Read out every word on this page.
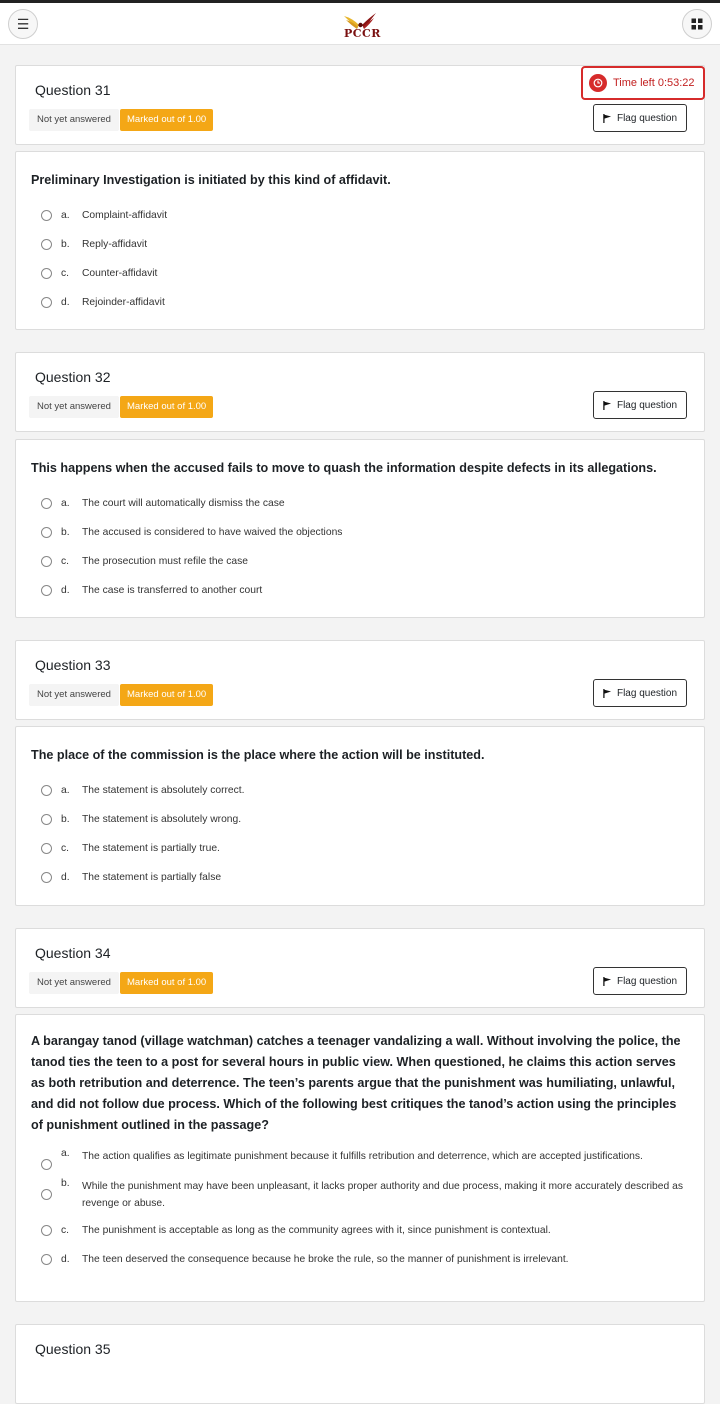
☰
PCCR
Question 31
Not yet answered	Marked out of 1.00	Flag question
Time left 0:53:22
Preliminary Investigation is initiated by this kind of affidavit.
a.	Complaint-affidavit
b.	Reply-affidavit
c.	Counter-affidavit
d.	Rejoinder-affidavit
Question 32
Not yet answered	Marked out of 1.00	Flag question
This happens when the accused fails to move to quash the information despite defects in its allegations.
a.	The court will automatically dismiss the case
b.	The accused is considered to have waived the objections
c.	The prosecution must refile the case
d.	The case is transferred to another court
Question 33
Not yet answered	Marked out of 1.00	Flag question
The place of the commission is the place where the action will be instituted.
a.	The statement is absolutely correct.
b.	The statement is absolutely wrong.
c.	The statement is partially true.
d.	The statement is partially false
Question 34
Not yet answered	Marked out of 1.00	Flag question
A barangay tanod (village watchman) catches a teenager vandalizing a wall. Without involving the police, the tanod ties the teen to a post for several hours in public view. When questioned, he claims this action serves as both retribution and deterrence. The teen’s parents argue that the punishment was humiliating, unlawful, and did not follow due process. Which of the following best critiques the tanod’s action using the principles of punishment outlined in the passage?
a.	The action qualifies as legitimate punishment because it fulfills retribution and deterrence, which are accepted justifications.
b.	While the punishment may have been unpleasant, it lacks proper authority and due process, making it more accurately described as revenge or abuse.
c.	The punishment is acceptable as long as the community agrees with it, since punishment is contextual.
d.	The teen deserved the consequence because he broke the rule, so the manner of punishment is irrelevant.
Question 35
